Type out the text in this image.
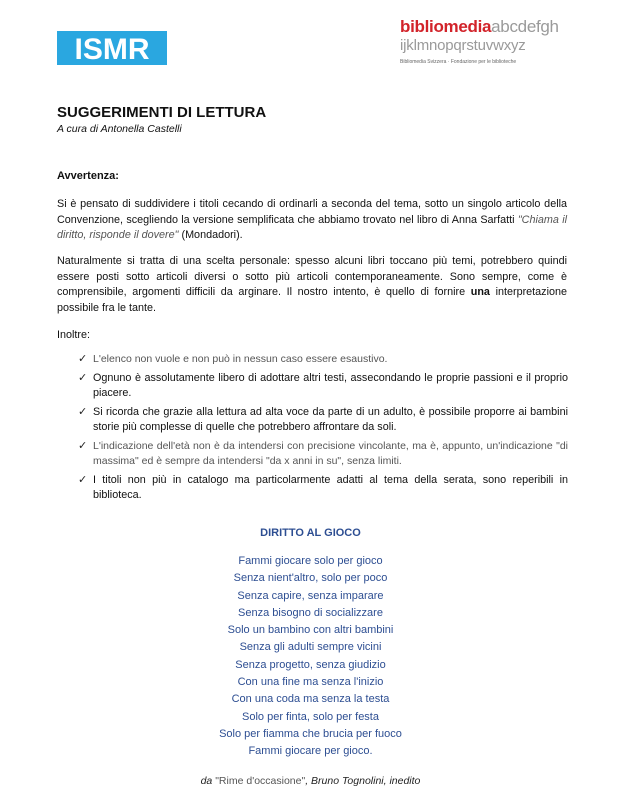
ISMR
bibliomediaabcdefgh
ijklmnopqrstuvwxyz
Bibliomedia Svizzera · Fondazione per le biblioteche
SUGGERIMENTI DI LETTURA
A cura di Antonella Castelli
Avvertenza:
Si è pensato di suddividere i titoli cecando di ordinarli a seconda del tema, sotto un singolo articolo della Convenzione, scegliendo la versione semplificata che abbiamo trovato nel libro di Anna Sarfatti "Chiama il diritto, risponde il dovere" (Mondadori).
Naturalmente si tratta di una scelta personale: spesso alcuni libri toccano più temi, potrebbero quindi essere posti sotto articoli diversi o sotto più articoli contemporaneamente. Sono sempre, come è comprensibile, argomenti difficili da arginare. Il nostro intento, è quello di fornire una interpretazione possibile fra le tante.
Inoltre:
✓ L'elenco non vuole e non può in nessun caso essere esaustivo.
✓ Ognuno è assolutamente libero di adottare altri testi, assecondando le proprie passioni e il proprio piacere.
✓ Si ricorda che grazie alla lettura ad alta voce da parte di un adulto, è possibile proporre ai bambini storie più complesse di quelle che potrebbero affrontare da soli.
✓ L'indicazione dell'età non è da intendersi con precisione vincolante, ma è, appunto, un'indicazione "di massima" ed è sempre da intendersi "da x anni in su", senza limiti.
✓ I titoli non più in catalogo ma particolarmente adatti al tema della serata, sono reperibili in biblioteca.
DIRITTO AL GIOCO
Fammi giocare solo per gioco
Senza nient'altro, solo per poco
Senza capire, senza imparare
Senza bisogno di socializzare
Solo un bambino con altri bambini
Senza gli adulti sempre vicini
Senza progetto, senza giudizio
Con una fine ma senza l'inizio
Con una coda ma senza la testa
Solo per finta, solo per festa
Solo per fiamma che brucia per fuoco
Fammi giocare per gioco.
da "Rime d'occasione", Bruno Tognolini, inedito
